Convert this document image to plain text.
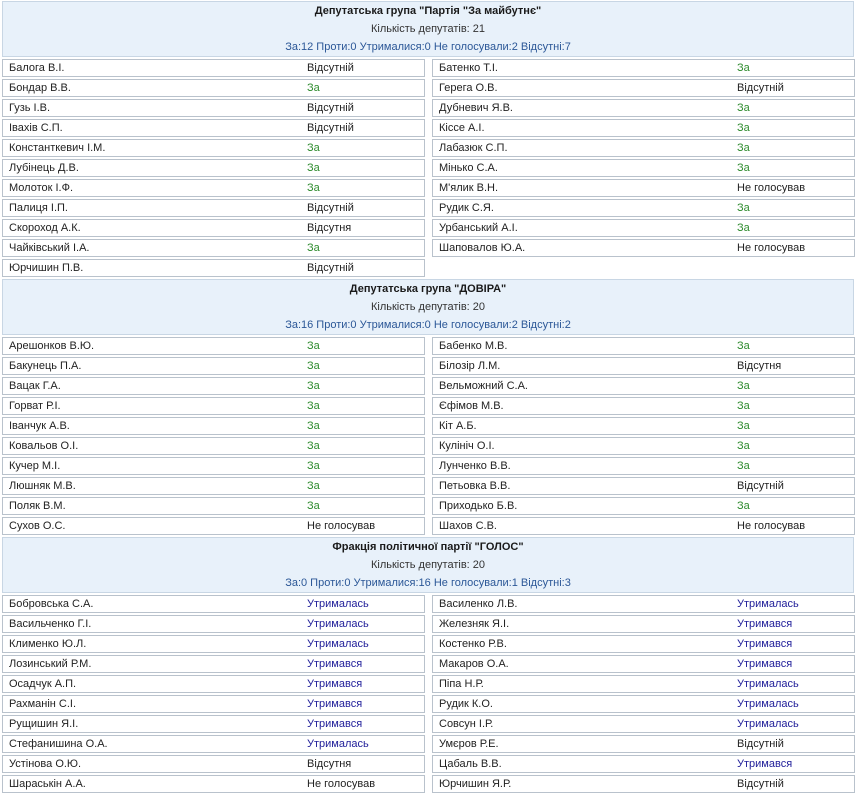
Депутатська група "Партія "За майбутнє"
Кількість депутатів: 21
За:12 Проти:0 Утрималися:0 Не голосували:2 Відсутні:7
Балога В.І.	Відсутній	Батенко Т.І.	За
Бондар В.В.	За	Герега О.В.	Відсутній
Гузь І.В.	Відсутній	Дубневич Я.В.	За
Івахів С.П.	Відсутній	Кіссе А.І.	За
Константкевич І.М.	За	Лабазюк С.П.	За
Лубінець Д.В.	За	Мінько С.А.	За
Молоток І.Ф.	За	М'ялик В.Н.	Не голосував
Палиця І.П.	Відсутній	Рудик С.Я.	За
Скороход А.К.	Відсутня	Урбанський А.І.	За
Чайківський І.А.	За	Шаповалов Ю.А.	Не голосував
Юрчишин П.В.	Відсутній
Депутатська група "ДОВІРА"
Кількість депутатів: 20
За:16 Проти:0 Утрималися:0 Не голосували:2 Відсутні:2
Арешонков В.Ю.	За	Бабенко М.В.	За
Бакунець П.А.	За	Білозір Л.М.	Відсутня
Вацак Г.А.	За	Вельможний С.А.	За
Горват Р.І.	За	Єфімов М.В.	За
Іванчук А.В.	За	Кіт А.Б.	За
Ковальов О.І.	За	Кулініч О.І.	За
Кучер М.І.	За	Лунченко В.В.	За
Люшняк М.В.	За	Петьовка В.В.	Відсутній
Поляк В.М.	За	Приходько Б.В.	За
Сухов О.С.	Не голосував	Шахов С.В.	Не голосував
Фракція політичної партії "ГОЛОС"
Кількість депутатів: 20
За:0 Проти:0 Утрималися:16 Не голосували:1 Відсутні:3
Бобровська С.А.	Утрималась	Василенко Л.В.	Утрималась
Васильченко Г.І.	Утрималась	Железняк Я.І.	Утримався
Клименко Ю.Л.	Утрималась	Костенко Р.В.	Утримався
Лозинський Р.М.	Утримався	Макаров О.А.	Утримався
Осадчук А.П.	Утримався	Піпа Н.Р.	Утрималась
Рахманін С.І.	Утримався	Рудик К.О.	Утрималась
Рущишин Я.І.	Утримався	Совсун І.Р.	Утрималась
Стефанишина О.А.	Утрималась	Умєров Р.Е.	Відсутній
Устінова О.Ю.	Відсутня	Цабаль В.В.	Утримався
Шараськін А.А.	Не голосував	Юрчишин Я.Р.	Відсутній
